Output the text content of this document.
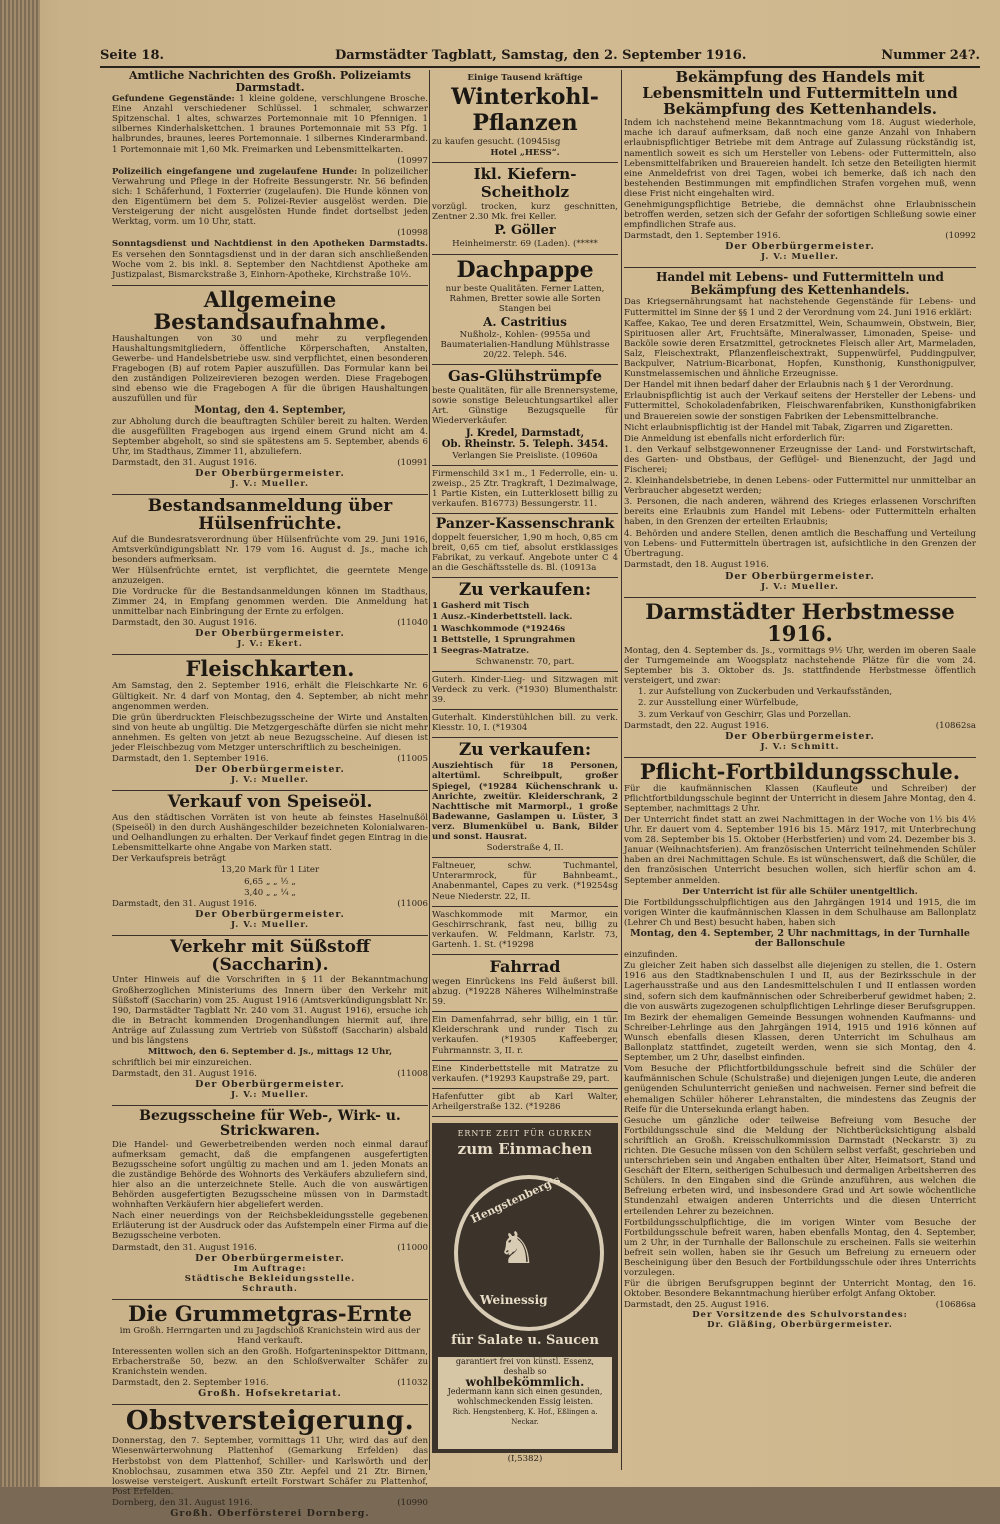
Seite 18.	Darmstädter Tagblatt, Samstag, den 2. September 1916.	Nummer 24?.
Amtliche Nachrichten des Großh. Polizeiamts Darmstadt.
Gefundene Gegenstände: 1 kleine goldene, verschlungene Brosche. Eine Anzahl verschiedener Schlüssel. 1 schmaler, schwarzer Spitzenschal. 1 altes, schwarzes Portemonnaie mit 10 Pfennigen. 1 silbernes Kinderhalskettchen. 1 braunes Portemonnaie mit 53 Pfg. 1 halbrundes, braunes, leeres Portemonnaie. 1 silbernes Kinderarmband. 1 Portemonnaie mit 1,60 Mk. Freimarken und Lebensmittelkarten.
(10997
Polizeilich eingefangene und zugelaufene Hunde: In polizeilicher Verwahrung und Pflege in der Hofreite Bessungerstr. Nr. 56 befinden sich: 1 Schäferhund, 1 Foxterrier (zugelaufen). Die Hunde können von den Eigentümern bei dem 5. Polizei-Revier ausgelöst werden. Die Versteigerung der nicht ausgelösten Hunde findet dortselbst jeden Werktag, vorm. um 10 Uhr, statt.
(10998
Sonntagsdienst und Nachtdienst in den Apotheken Darmstadts. Es versehen den Sonntagsdienst und in der daran sich anschließenden Woche vom 2. bis inkl. 8. September den Nachtdienst Apotheke am Justizpalast, Bismarckstraße 3, Einhorn-Apotheke, Kirchstraße 10½.
Allgemeine Bestandsaufnahme.
Haushaltungen von 30 und mehr zu verpflegenden Haushaltungsmitgliedern, öffentliche Körperschaften, Anstalten, Gewerbe- und Handelsbetriebe usw. sind verpflichtet, einen besonderen Fragebogen (B) auf rotem Papier auszufüllen. Das Formular kann bei den zuständigen Polizeirevieren bezogen werden. Diese Fragebogen sind ebenso wie die Fragebogen A für die übrigen Haushaltungen auszufüllen und für
Montag, den 4. September,
zur Abholung durch die beauftragten Schüler bereit zu halten. Werden die ausgefüllten Fragebogen aus irgend einem Grund nicht am 4. September abgeholt, so sind sie spätestens am 5. September, abends 6 Uhr, im Stadthaus, Zimmer 11, abzuliefern.
Darmstadt, den 31. August 1916.	(10991
Der Oberbürgermeister.
J. V.: Mueller.
Bestandsanmeldung über Hülsenfrüchte.
Auf die Bundesratsverordnung über Hülsenfrüchte vom 29. Juni 1916, Amtsverkündigungsblatt Nr. 179 vom 16. August d. Js., mache ich besonders aufmerksam.
Wer Hülsenfrüchte erntet, ist verpflichtet, die geerntete Menge anzuzeigen.
Die Vordrucke für die Bestandsanmeldungen können im Stadthaus, Zimmer 24, in Empfang genommen werden. Die Anmeldung hat unmittelbar nach Einbringung der Ernte zu erfolgen.
Darmstadt, den 30. August 1916.	(11040
Der Oberbürgermeister.
J. V.: Ekert.
Fleischkarten.
Am Samstag, den 2. September 1916, erhält die Fleischkarte Nr. 6 Gültigkeit. Nr. 4 darf von Montag, den 4. September, ab nicht mehr angenommen werden.
Die grün überdruckten Fleischbezugsscheine der Wirte und Anstalten sind von heute ab ungültig. Die Metzgergeschäfte dürfen sie nicht mehr annehmen. Es gelten von jetzt ab neue Bezugsscheine. Auf diesen ist jeder Fleischbezug vom Metzger unterschriftlich zu bescheinigen.
Darmstadt, den 1. September 1916.	(11005
Der Oberbürgermeister.
J. V.: Mueller.
Verkauf von Speiseöl.
Aus den städtischen Vorräten ist von heute ab feinstes Haselnußöl (Speiseöl) in den durch Aushängeschilder bezeichneten Kolonialwaren- und Oelhandlungen zu erhalten. Der Verkauf findet gegen Eintrag in die Lebensmittelkarte ohne Angabe von Marken statt.
Der Verkaufspreis beträgt
13,20 Mark für 1 Liter
6,65 „ „ ½ „
3,40 „ „ ¼ „
Darmstadt, den 31. August 1916.	(11006
Der Oberbürgermeister.
J. V.: Mueller.
Verkehr mit Süßstoff (Saccharin).
Unter Hinweis auf die Vorschriften in § 11 der Bekanntmachung Großherzoglichen Ministeriums des Innern über den Verkehr mit Süßstoff (Saccharin) vom 25. August 1916 (Amtsverkündigungsblatt Nr. 190, Darmstädter Tagblatt Nr. 240 vom 31. August 1916), ersuche ich die in Betracht kommenden Drogenhandlungen hiermit auf, ihre Anträge auf Zulassung zum Vertrieb von Süßstoff (Saccharin) alsbald und bis längstens
Mittwoch, den 6. September d. Js., mittags 12 Uhr,
schriftlich bei mir einzureichen.
Darmstadt, den 31. August 1916.	(11008
Der Oberbürgermeister.
J. V.: Mueller.
Bezugsscheine für Web-, Wirk- u. Strickwaren.
Die Handel- und Gewerbetreibenden werden noch einmal darauf aufmerksam gemacht, daß die empfangenen ausgefertigten Bezugsscheine sofort ungültig zu machen und am 1. jeden Monats an die zuständige Behörde des Wohnorts des Verkäufers abzuliefern sind, hier also an die unterzeichnete Stelle. Auch die von auswärtigen Behörden ausgefertigten Bezugsscheine müssen von in Darmstadt wohnhaften Verkäufern hier abgeliefert werden.
Nach einer neuerdings von der Reichsbekleidungsstelle gegebenen Erläuterung ist der Ausdruck oder das Aufstempeln einer Firma auf die Bezugsscheine verboten.
Darmstadt, den 31. August 1916.	(11000
Der Oberbürgermeister.
Im Auftrage:
Städtische Bekleidungsstelle.
Schrauth.
Die Grummetgras-Ernte
im Großh. Herrngarten und zu Jagdschloß Kranichstein wird aus der Hand verkauft.
Interessenten wollen sich an den Großh. Hofgarteninspektor Dittmann, Erbacherstraße 50, bezw. an den Schloßverwalter Schäfer zu Kranichstein wenden.
Darmstadt, den 2. September 1916.	(11032
Großh. Hofsekretariat.
Obstversteigerung.
Donnerstag, den 7. September, vormittags 11 Uhr, wird das auf den Wiesenwärterwohnung Plattenhof (Gemarkung Erfelden) das Herbstobst von dem Plattenhof, Schiller- und Karlswörth und der Knoblochsau, zusammen etwa 350 Ztr. Aepfel und 21 Ztr. Birnen, losweise versteigert. Auskunft erteilt Forstwart Schäfer zu Plattenhof, Post Erfelden.
Dornberg, den 31. August 1916.	(10990
Großh. Oberförsterei Dornberg.
Einige Tausend kräftige
Winterkohl-
Pflanzen
zu kaufen gesucht. (10945isg
Hotel „HESS“.
Ikl. Kiefern-Scheitholz
vorzügl. trocken, kurz geschnitten, Zentner 2.30 Mk. frei Keller.
P. Göller
Heinheimerstr. 69 (Laden). (*****
Dachpappe
nur beste Qualitäten. Ferner Latten, Rahmen, Bretter sowie alle Sorten Stangen bei
A. Castritius
Nußholz-, Kohlen- (9955a und Baumaterialien-Handlung Mühlstrasse 20/22. Teleph. 546.
Gas-Glühstrümpfe
beste Qualitäten, für alle Brennersysteme, sowie sonstige Beleuchtungsartikel aller Art. Günstige Bezugsquelle für Wiederverkäufer.
J. Kredel, Darmstadt,
Ob. Rheinstr. 5. Teleph. 3454.
Verlangen Sie Preisliste. (10960a
Firmenschild 3×1 m., 1 Federrolle, ein- u. zweisp., 25 Ztr. Tragkraft, 1 Dezimalwage, 1 Partie Kisten, ein Lutterklosett billig zu verkaufen. B16773) Bessungerstr. 11.
Panzer-Kassenschrank
doppelt feuersicher, 1,90 m hoch, 0,85 cm breit, 0,65 cm tief, absolut erstklassiges Fabrikat, zu verkauf. Angebote unter C 4 an die Geschäftsstelle ds. Bl. (10913a
Zu verkaufen:
1 Gasherd mit Tisch
1 Ausz.-Kinderbettstell. lack.
1 Waschkommode (*19246s
1 Bettstelle, 1 Sprungrahmen
1 Seegras-Matratze.
Schwanenstr. 70, part.
Guterh. Kinder-Lieg- und Sitzwagen mit Verdeck zu verk. (*1930) Blumenthalstr. 39.
Guterhalt. Kinderstühlchen bill. zu verk. Kiesstr. 10, I. (*19304
Zu verkaufen:
Ausziehtisch für 18 Personen, altertüml. Schreibpult, großer Spiegel, (*19284 Küchenschrank u. Anrichte, zweitür. Kleiderschrank, 2 Nachttische mit Marmorpl., 1 große Badewanne, Gaslampen u. Lüster, 3 verz. Blumenkübel u. Bank, Bilder und sonst. Hausrat.
Soderstraße 4, II.
Faltneuer, schw. Tuchmantel, Unterarmrock, für Bahnbeamt., Anabenmantel, Capes zu verk. (*19254sg Neue Niederstr. 22, II.
Waschkommode mit Marmor, ein Geschirrschrank, fast neu, billig zu verkaufen. W. Feldmann, Karlstr. 73, Gartenh. 1. St. (*19298
Fahrrad
wegen Einrückens ins Feld äußerst bill. abzug. (*19228 Näheres Wilhelminstraße 59.
Ein Damenfahrrad, sehr billig, ein 1 tür. Kleiderschrank und runder Tisch zu verkaufen. (*19305 Kaffeeberger, Fuhrmannstr. 3, II. r.
Eine Kinderbettstelle mit Matratze zu verkaufen. (*19293 Kaupstraße 29, part.
Hafenfutter gibt ab Karl Walter, Arheilgerstraße 132. (*19286
ERNTE ZEIT FÜR GURKEN
zum Einmachen
Hengstenberg's
♞
Weinessig
für Salate u. Saucen
garantiert frei von künstl. Essenz,
deshalb so
wohlbekömmlich.
Jedermann kann sich einen gesunden, wohlschmeckenden Essig leisten.
Rich. Hengstenberg, K. Hof., Eßlingen a. Neckar.
(I,5382)
Bekämpfung des Handels mit Lebensmitteln und Futtermitteln und Bekämpfung des Kettenhandels.
Indem ich nachstehend meine Bekanntmachung vom 18. August wiederhole, mache ich darauf aufmerksam, daß noch eine ganze Anzahl von Inhabern erlaubnispflichtiger Betriebe mit dem Antrage auf Zulassung rückständig ist, namentlich soweit es sich um Hersteller von Lebens- oder Futtermitteln, also Lebensmittelfabriken und Brauereien handelt. Ich setze den Beteiligten hiermit eine Anmeldefrist von drei Tagen, wobei ich bemerke, daß ich nach den bestehenden Bestimmungen mit empfindlichen Strafen vorgehen muß, wenn diese Frist nicht eingehalten wird.
Genehmigungspflichtige Betriebe, die demnächst ohne Erlaubnisschein betroffen werden, setzen sich der Gefahr der sofortigen Schließung sowie einer empfindlichen Strafe aus.
Darmstadt, den 1. September 1916.	(10992
Der Oberbürgermeister.
J. V.: Mueller.
Handel mit Lebens- und Futtermitteln und Bekämpfung des Kettenhandels.
Das Kriegsernährungsamt hat nachstehende Gegenstände für Lebens- und Futtermittel im Sinne der §§ 1 und 2 der Verordnung vom 24. Juni 1916 erklärt:
Kaffee, Kakao, Tee und deren Ersatzmittel, Wein, Schaumwein, Obstwein, Bier, Spirituosen aller Art, Fruchtsäfte, Mineralwasser, Limonaden, Speise- und Backöle sowie deren Ersatzmittel, getrocknetes Fleisch aller Art, Marmeladen, Salz, Fleischextrakt, Pflanzenfleischextrakt, Suppenwürfel, Puddingpulver, Backpulver, Natrium-Bicarbonat, Hopfen, Kunsthonig, Kunsthonigpulver, Kunstmelassemischen und ähnliche Erzeugnisse.
Der Handel mit ihnen bedarf daher der Erlaubnis nach § 1 der Verordnung.
Erlaubnispflichtig ist auch der Verkauf seitens der Hersteller der Lebens- und Futtermittel, Schokoladenfabriken, Fleischwarenfabriken, Kunsthonigfabriken und Brauereien sowie der sonstigen Fabriken der Lebensmittelbranche.
Nicht erlaubnispflichtig ist der Handel mit Tabak, Zigarren und Zigaretten.
Die Anmeldung ist ebenfalls nicht erforderlich für:
1. den Verkauf selbstgewonnener Erzeugnisse der Land- und Forstwirtschaft, des Garten- und Obstbaus, der Geflügel- und Bienenzucht, der Jagd und Fischerei;
2. Kleinhandelsbetriebe, in denen Lebens- oder Futtermittel nur unmittelbar an Verbraucher abgesetzt werden;
3. Personen, die nach anderen, während des Krieges erlassenen Vorschriften bereits eine Erlaubnis zum Handel mit Lebens- oder Futtermitteln erhalten haben, in den Grenzen der erteilten Erlaubnis;
4. Behörden und andere Stellen, denen amtlich die Beschaffung und Verteilung von Lebens- und Futtermitteln übertragen ist, aufsichtliche in den Grenzen der Übertragung.
Darmstadt, den 18. August 1916.
Der Oberbürgermeister.
J. V.: Mueller.
Darmstädter Herbstmesse 1916.
Montag, den 4. September ds. Js., vormittags 9½ Uhr, werden im oberen Saale der Turngemeinde am Woogsplatz nachstehende Plätze für die vom 24. September bis 3. Oktober ds. Js. stattfindende Herbstmesse öffentlich versteigert, und zwar:
1. zur Aufstellung von Zuckerbuden und Verkaufsständen,
2. zur Ausstellung einer Würfelbude,
3. zum Verkauf von Geschirr, Glas und Porzellan.
Darmstadt, den 22. August 1916.	(10862sa
Der Oberbürgermeister.
J. V.: Schmitt.
Pflicht-Fortbildungsschule.
Für die kaufmännischen Klassen (Kaufleute und Schreiber) der Pflichtfortbildungsschule beginnt der Unterricht in diesem Jahre Montag, den 4. September, nachmittags 2 Uhr.
Der Unterricht findet statt an zwei Nachmittagen in der Woche von 1½ bis 4½ Uhr. Er dauert vom 4. September 1916 bis 15. März 1917, mit Unterbrechung vom 28. September bis 15. Oktober (Herbstferien) und vom 24. Dezember bis 3. Januar (Weihnachtsferien). Am französischen Unterricht teilnehmenden Schüler haben an drei Nachmittagen Schule. Es ist wünschenswert, daß die Schüler, die den französischen Unterricht besuchen wollen, sich hierfür schon am 4. September anmelden.
Der Unterricht ist für alle Schüler unentgeltlich.
Die Fortbildungsschulpflichtigen aus den Jahrgängen 1914 und 1915, die im vorigen Winter die kaufmännischen Klassen in dem Schulhause am Ballonplatz (Lehrer Ch und Best) besucht haben, haben sich
Montag, den 4. September, 2 Uhr nachmittags, in der Turnhalle der Ballonschule
einzufinden.
Zu gleicher Zeit haben sich dasselbst alle diejenigen zu stellen, die 1. Ostern 1916 aus den Stadtknabenschulen I und II, aus der Bezirksschule in der Lagerhausstraße und aus den Landesmittelschulen I und II entlassen worden sind, sofern sich dem kaufmännischen oder Schreiberberuf gewidmet haben; 2. die von auswärts zugezogenen schulpflichtigen Lehrlinge dieser Berufsgruppen.
Im Bezirk der ehemaligen Gemeinde Bessungen wohnenden Kaufmanns- und Schreiber-Lehrlinge aus den Jahrgängen 1914, 1915 und 1916 können auf Wunsch ebenfalls diesen Klassen, deren Unterricht im Schulhaus am Ballonplatz stattfindet, zugeteilt werden, wenn sie sich Montag, den 4. September, um 2 Uhr, daselbst einfinden.
Vom Besuche der Pflichtfortbildungsschule befreit sind die Schüler der kaufmännischen Schule (Schulstraße) und diejenigen jungen Leute, die anderen genügenden Schulunterricht genießen und nachweisen. Ferner sind befreit die ehemaligen Schüler höherer Lehranstalten, die mindestens das Zeugnis der Reife für die Untersekunda erlangt haben.
Gesuche um gänzliche oder teilweise Befreiung vom Besuche der Fortbildungsschule sind die Meldung der Nichtberücksichtigung alsbald schriftlich an Großh. Kreisschulkommission Darmstadt (Neckarstr. 3) zu richten. Die Gesuche müssen von den Schülern selbst verfaßt, geschrieben und unterschrieben sein und Angaben enthalten über Alter, Heimatsort, Stand und Geschäft der Eltern, seitherigen Schulbesuch und dermaligen Arbeitsherren des Schülers. In den Eingaben sind die Gründe anzuführen, aus welchen die Befreiung erbeten wird, und insbesondere Grad und Art sowie wöchentliche Stundenzahl etwaigen anderen Unterrichts und die diesen Unterricht erteilenden Lehrer zu bezeichnen.
Fortbildungsschulpflichtige, die im vorigen Winter vom Besuche der Fortbildungsschule befreit waren, haben ebenfalls Montag, den 4. September, um 2 Uhr, in der Turnhalle der Ballonschule zu erscheinen. Falls sie weiterhin befreit sein wollen, haben sie ihr Gesuch um Befreiung zu erneuern oder Bescheinigung über den Besuch der Fortbildungsschule oder ihres Unterrichts vorzulegen.
Für die übrigen Berufsgruppen beginnt der Unterricht Montag, den 16. Oktober. Besondere Bekanntmachung hierüber erfolgt Anfang Oktober.
Darmstadt, den 25. August 1916.	(10686sa
Der Vorsitzende des Schulvorstandes:
Dr. Gläßing, Oberbürgermeister.
